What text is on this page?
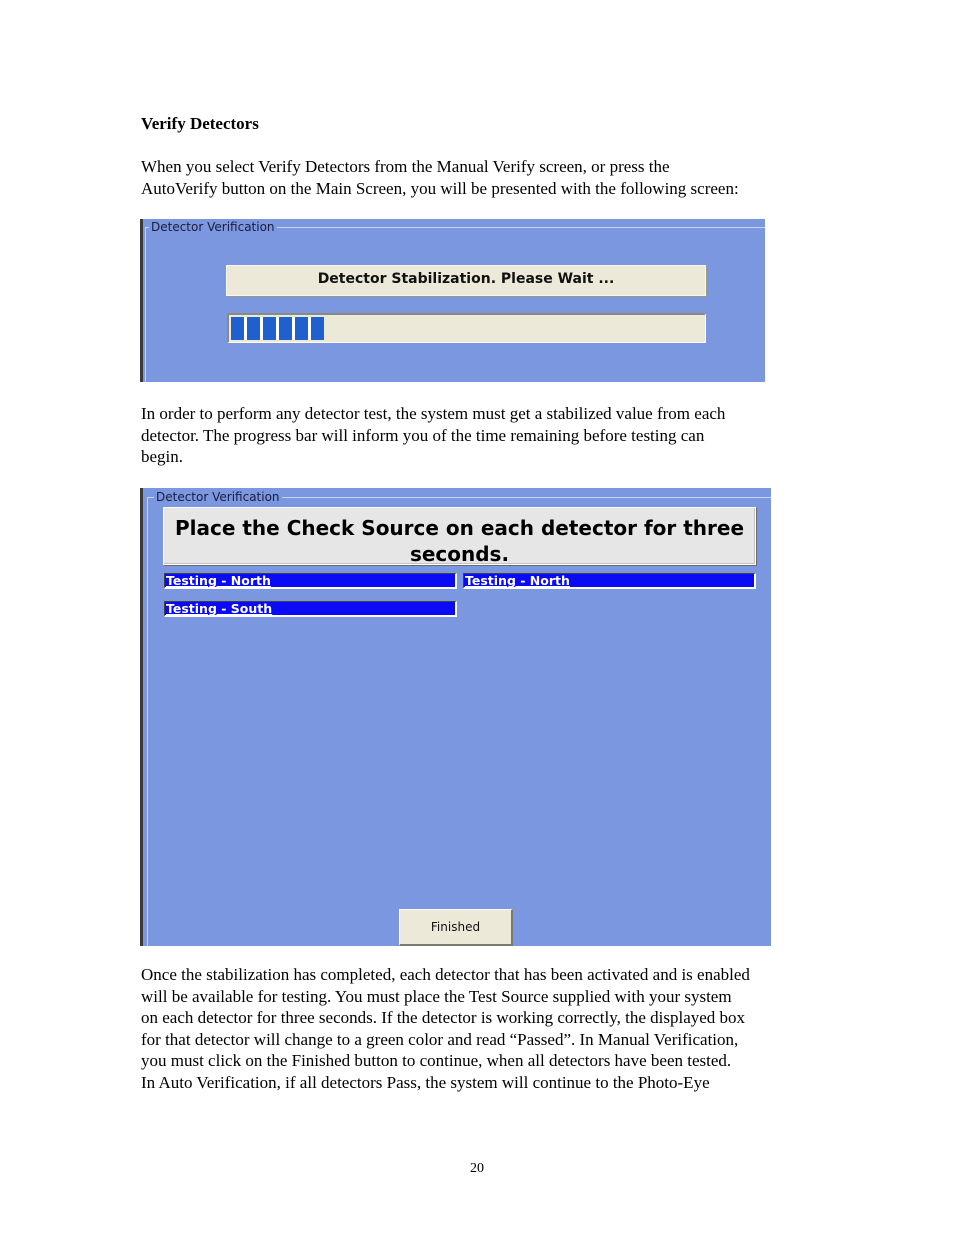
Verify Detectors
When you select Verify Detectors from the Manual Verify screen, or press the
AutoVerify button on the Main Screen, you will be presented with the following screen:
Detector Verification
Detector Stabilization. Please Wait ...
In order to perform any detector test, the system must get a stabilized value from each
detector. The progress bar will inform you of the time remaining before testing can
begin.
Detector Verification
Place the Check Source on each detector for three seconds.
Testing - North	Testing - North
Testing - South
Finished
Once the stabilization has completed, each detector that has been activated and is enabled
will be available for testing. You must place the Test Source supplied with your system
on each detector for three seconds. If the detector is working correctly, the displayed box
for that detector will change to a green color and read “Passed”. In Manual Verification,
you must click on the Finished button to continue, when all detectors have been tested.
In Auto Verification, if all detectors Pass, the system will continue to the Photo-Eye
20
